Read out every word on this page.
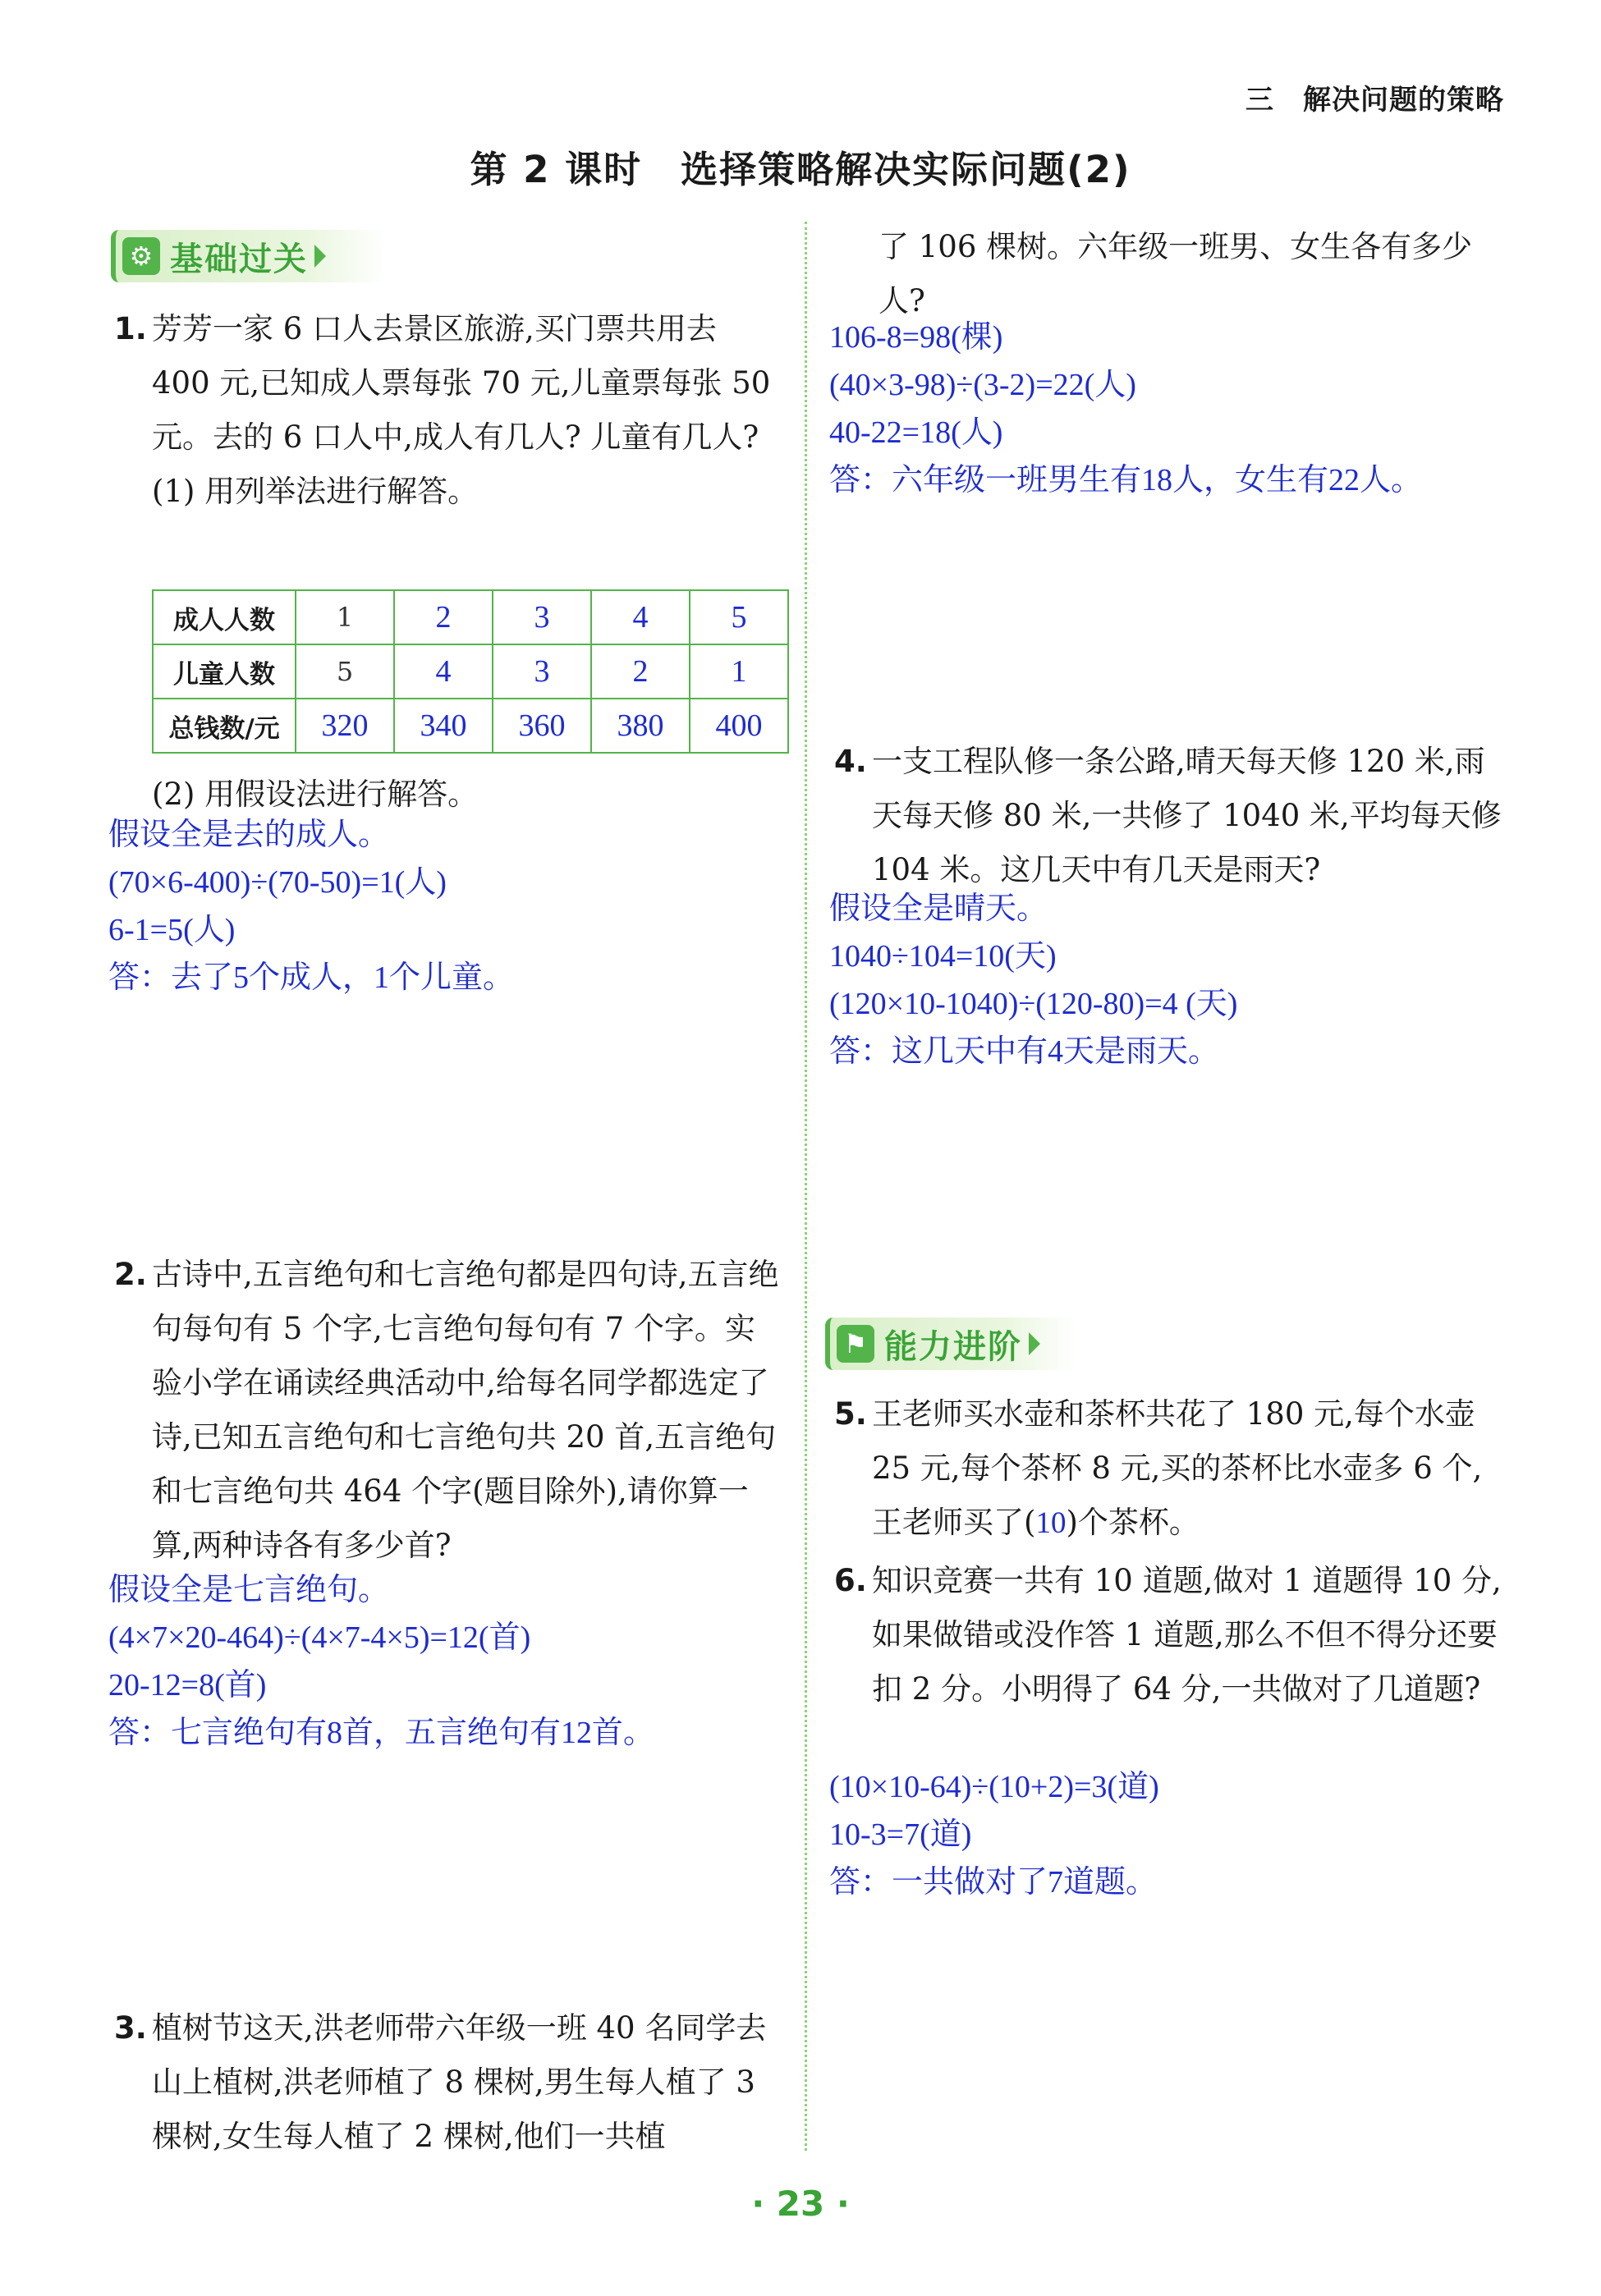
三　解决问题的策略
第 2 课时　选择策略解决实际问题(2)
⚙ 基础过关
1. 芳芳一家 6 口人去景区旅游,买门票共用去 400 元,已知成人票每张 70 元,儿童票每张 50 元。去的 6 口人中,成人有几人? 儿童有几人?
(1) 用列举法进行解答。
成人人数	1	2	3	4	5
儿童人数	5	4	3	2	1
总钱数/元	320	340	360	380	400
(2) 用假设法进行解答。
假设全是去的成人。
(70×6-400)÷(70-50)=1(人)
6-1=5(人)
答：去了5个成人，1个儿童。
2. 古诗中,五言绝句和七言绝句都是四句诗,五言绝句每句有 5 个字,七言绝句每句有 7 个字。实验小学在诵读经典活动中,给每名同学都选定了诗,已知五言绝句和七言绝句共 20 首,五言绝句和七言绝句共 464 个字(题目除外),请你算一算,两种诗各有多少首?
假设全是七言绝句。
(4×7×20-464)÷(4×7-4×5)=12(首)
20-12=8(首)
答：七言绝句有8首，五言绝句有12首。
3. 植树节这天,洪老师带六年级一班 40 名同学去山上植树,洪老师植了 8 棵树,男生每人植了 3 棵树,女生每人植了 2 棵树,他们一共植
了 106 棵树。六年级一班男、女生各有多少人?
106-8=98(棵)
(40×3-98)÷(3-2)=22(人)
40-22=18(人)
答：六年级一班男生有18人，女生有22人。
4. 一支工程队修一条公路,晴天每天修 120 米,雨天每天修 80 米,一共修了 1040 米,平均每天修 104 米。这几天中有几天是雨天?
假设全是晴天。
1040÷104=10(天)
(120×10-1040)÷(120-80)=4 (天)
答：这几天中有4天是雨天。
⚑ 能力进阶
5. 王老师买水壶和茶杯共花了 180 元,每个水壶 25 元,每个茶杯 8 元,买的茶杯比水壶多 6 个,王老师买了(10)个茶杯。
6. 知识竞赛一共有 10 道题,做对 1 道题得 10 分,如果做错或没作答 1 道题,那么不但不得分还要扣 2 分。小明得了 64 分,一共做对了几道题?
(10×10-64)÷(10+2)=3(道)
10-3=7(道)
答：一共做对了7道题。
· 23 ·
